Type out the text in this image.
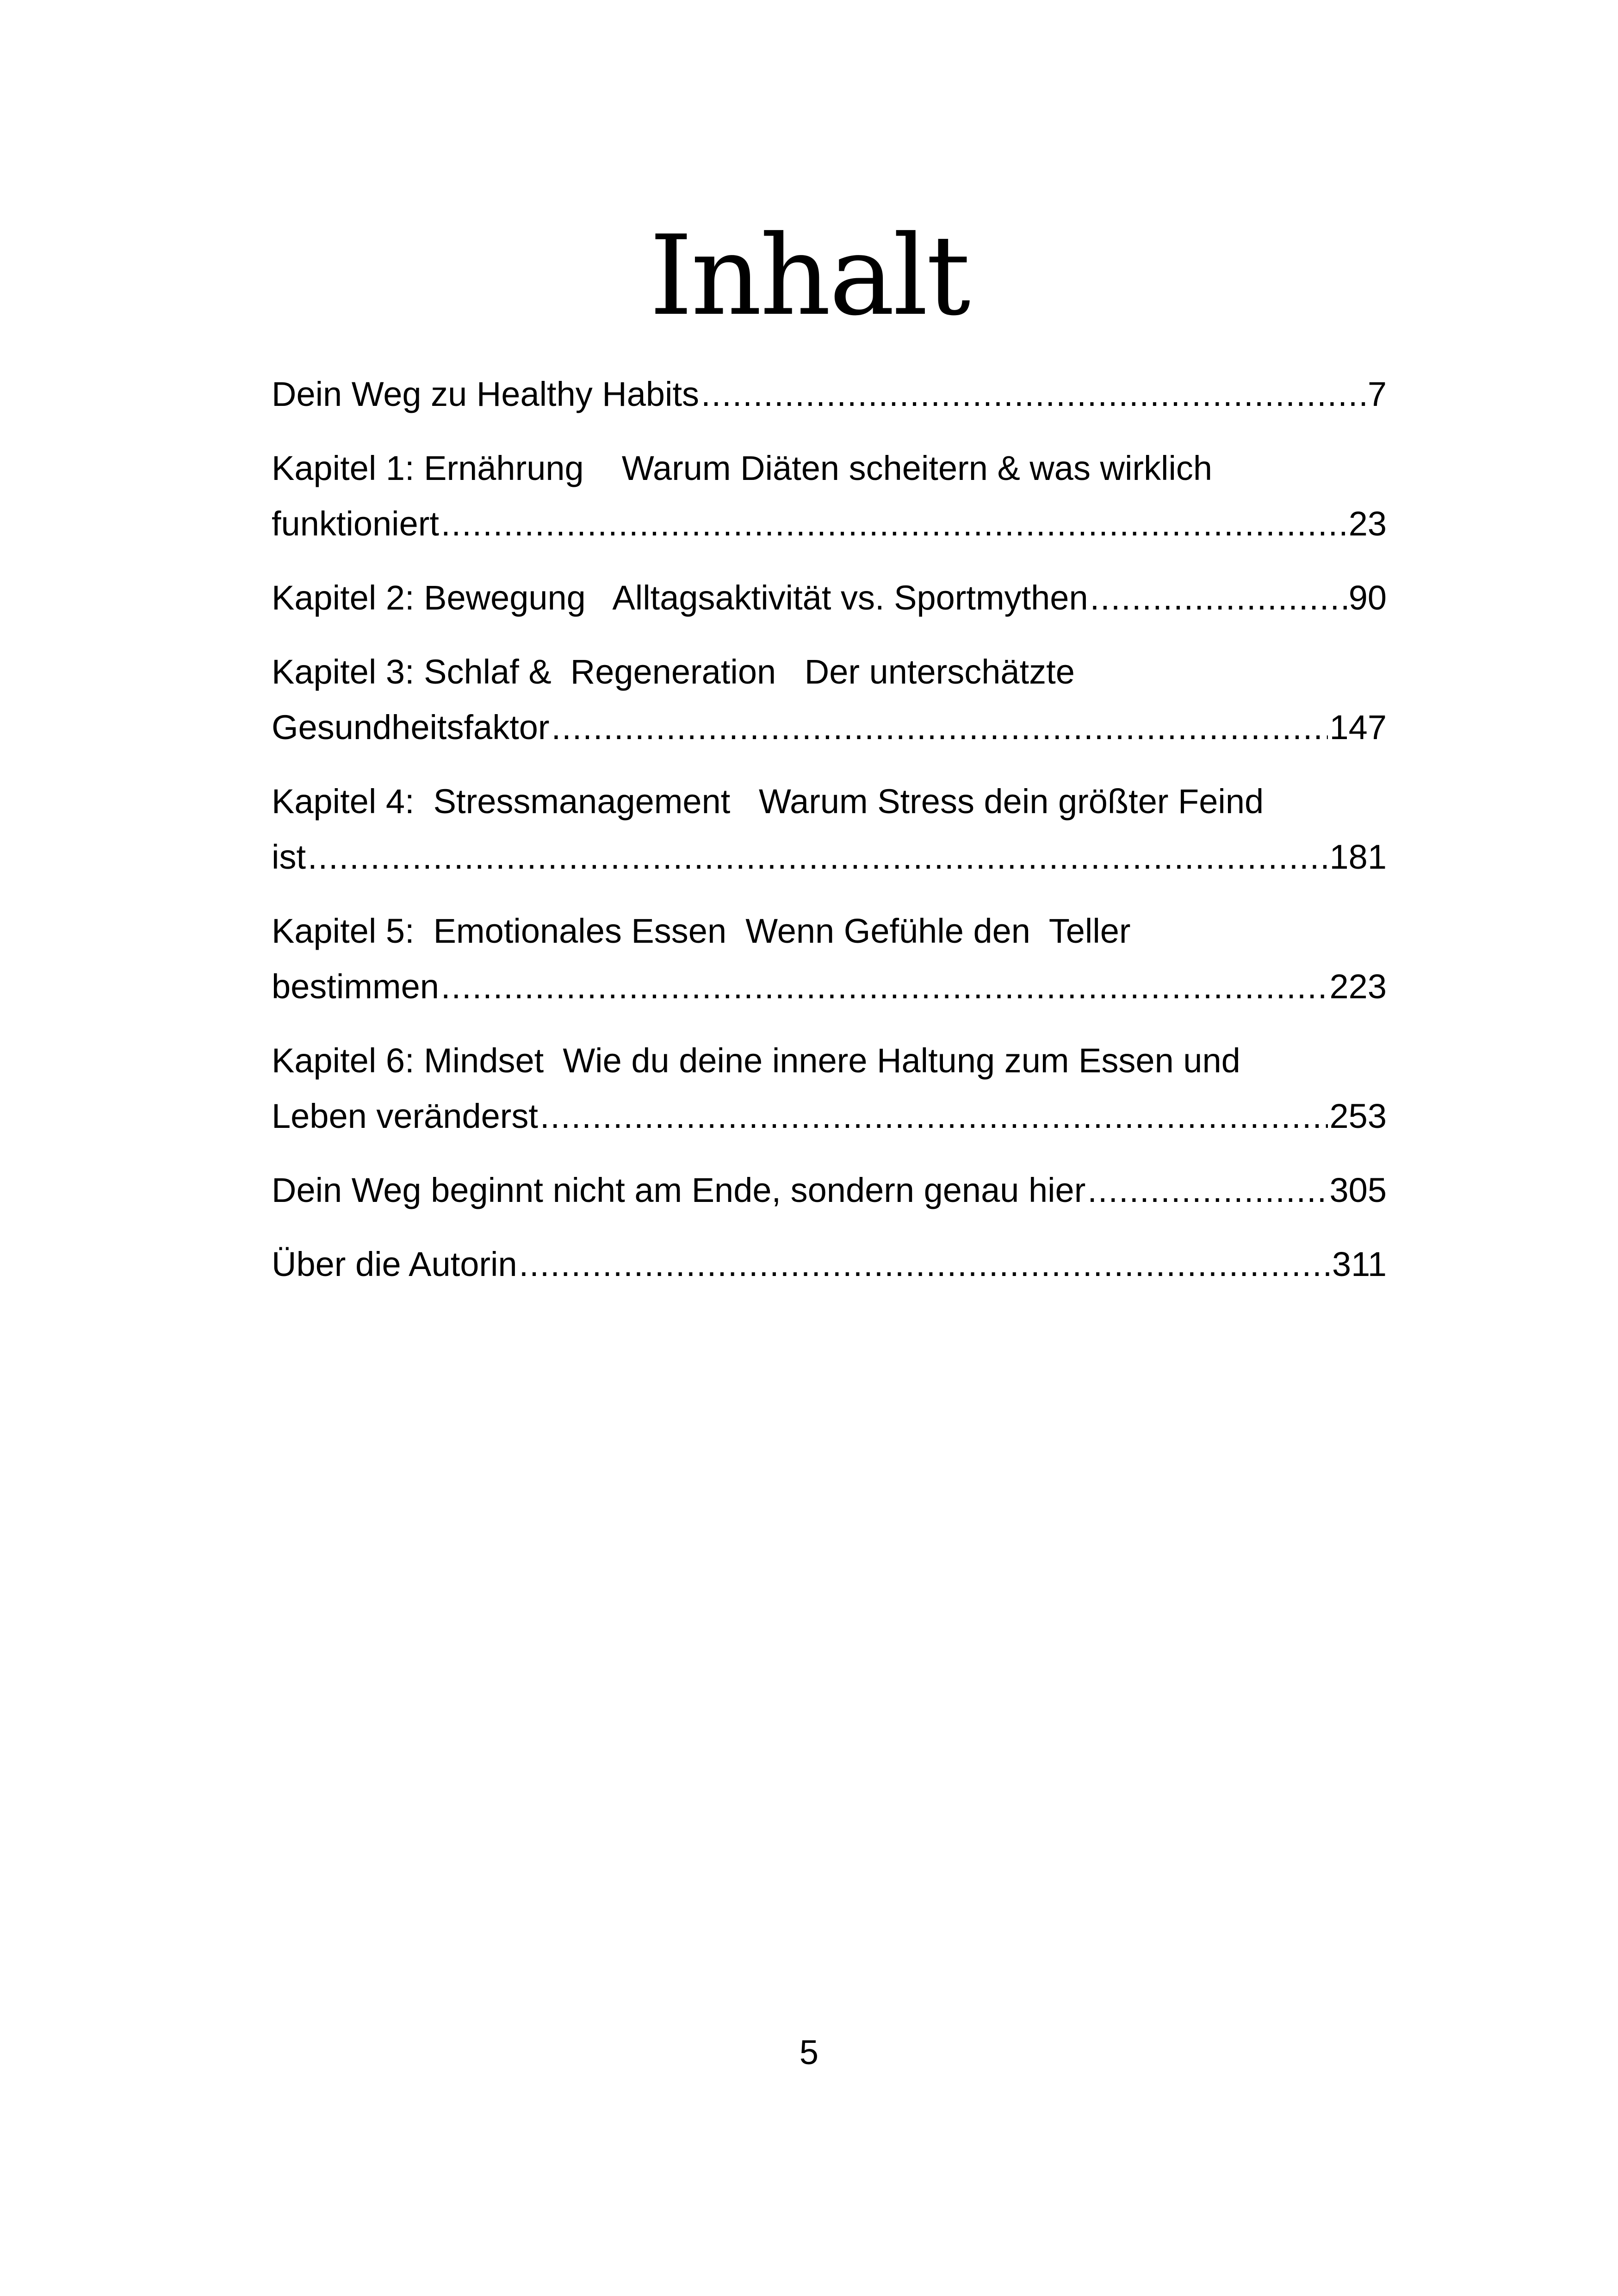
Inhalt
Dein Weg zu Healthy Habits .....	7
Kapitel 1: Ernährung    Warum Diäten scheitern & was wirklich
funktioniert .....	23
Kapitel 2: Bewegung   Alltagsaktivität vs. Sportmythen .....	90
Kapitel 3: Schlaf &  Regeneration   Der unterschätzte
Gesundheitsfaktor .....	147
Kapitel 4:  Stressmanagement   Warum Stress dein größter Feind
ist .....	181
Kapitel 5:  Emotionales Essen  Wenn Gefühle den  Teller
bestimmen .....	223
Kapitel 6: Mindset  Wie du deine innere Haltung zum Essen und
Leben veränderst .....	253
Dein Weg beginnt nicht am Ende, sondern genau hier .....	305
Über die Autorin .....	311
5
